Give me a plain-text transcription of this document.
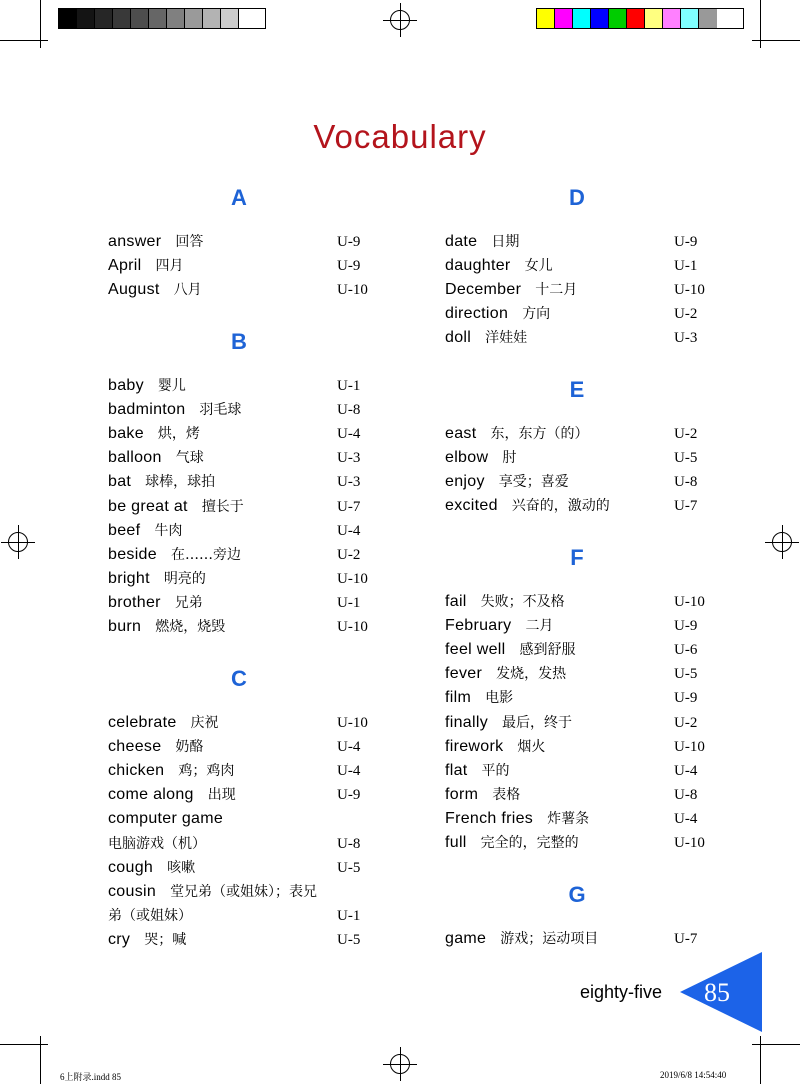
Vocabulary
A
answer 回答	U-9
April 四月	U-9
August 八月	U-10
B
baby 婴儿	U-1
badminton 羽毛球	U-8
bake 烘，烤	U-4
balloon 气球	U-3
bat 球棒，球拍	U-3
be great at 擅长于	U-7
beef 牛肉	U-4
beside 在……旁边	U-2
bright 明亮的	U-10
brother 兄弟	U-1
burn 燃烧，烧毁	U-10
C
celebrate 庆祝	U-10
cheese 奶酪	U-4
chicken 鸡；鸡肉	U-4
come along 出现	U-9
computer game
电脑游戏（机）	U-8
cough 咳嗽	U-5
cousin 堂兄弟（或姐妹）；表兄
弟（或姐妹）	U-1
cry 哭；喊	U-5
D
date 日期	U-9
daughter 女儿	U-1
December 十二月	U-10
direction 方向	U-2
doll 洋娃娃	U-3
E
east 东，东方（的）	U-2
elbow 肘	U-5
enjoy 享受；喜爱	U-8
excited 兴奋的，激动的	U-7
F
fail 失败；不及格	U-10
February 二月	U-9
feel well 感到舒服	U-6
fever 发烧，发热	U-5
film 电影	U-9
finally 最后，终于	U-2
firework 烟火	U-10
flat 平的	U-4
form 表格	U-8
French fries 炸薯条	U-4
full 完全的，完整的	U-10
G
game 游戏；运动项目	U-7
eighty-five 85
6上附录.indd 85	2019/6/8 14:54:40
